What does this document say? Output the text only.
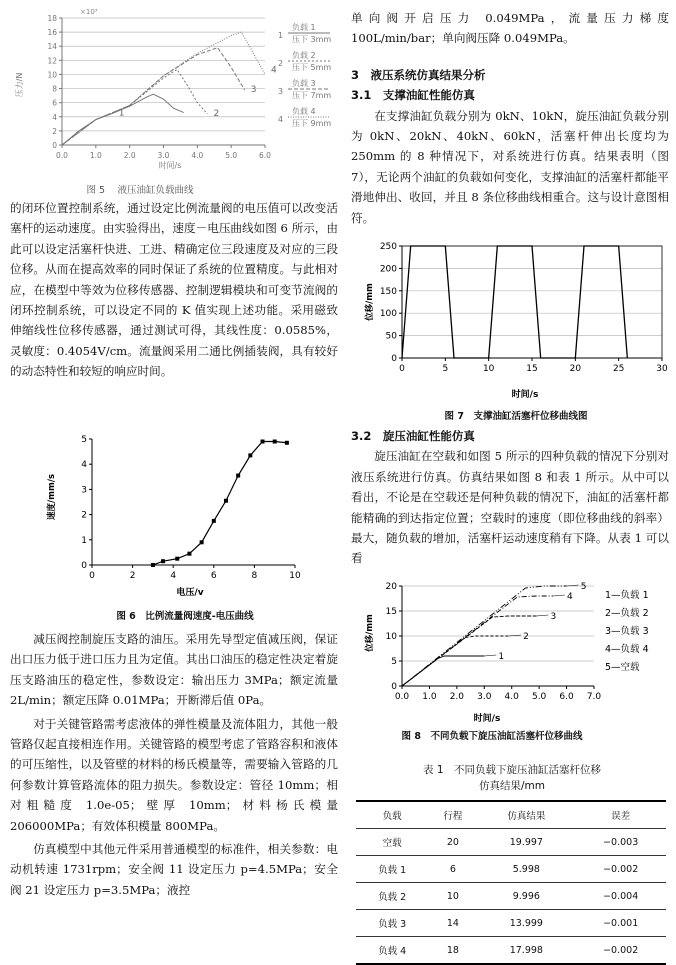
0.0	1.0	2.0	3.0	4.0	5.0	6.0
0
2
4
6
8
10
12
14
16
18
1	2
3
4
×10³
压力/N
时间/s
1
负载 1
压下 3mm
2
负载 2
压下 5mm
3
负载 3
压下 7mm
4
负载 4
压下 9mm
图 5 　液压油缸负载曲线

的闭环位置控制系统，通过设定比例流量阀的电压值可以改变活塞杆的运动速度。由实验得出，速度－电压曲线如图 6 所示，由此可以设定活塞杆快进、工进、精确定位三段速度及对应的三段位移。从而在提高效率的同时保证了系统的位置精度。与此相对应，在模型中等效为位移传感器、控制逻辑模块和可变节流阀的闭环控制系统，可以设定不同的 K 值实现上述功能。采用磁致伸缩线性位移传感器，通过测试可得，其线性度：0.0585%，灵敏度：0.4054V/cm。流量阀采用二通比例插装阀，具有较好的动态特性和较短的响应时间。

0	2	4	6	8	10
0
1
2
3
4
5
速度/mm/s
电压/v
图 6　比例流量阀速度-电压曲线

减压阀控制旋压支路的油压。采用先导型定值减压阀，保证出口压力低于进口压力且为定值。其出口油压的稳定性决定着旋压支路油压的稳定性，参数设定：输出压力 3MPa；额定流量 2L/min；额定压降 0.01MPa；开断滞后值 0Pa。

对于关键管路需考虑液体的弹性模量及流体阻力，其他一般管路仅起直接相连作用。关键管路的模型考虑了管路容积和液体的可压缩性，以及管壁的材料的杨氏模量等，需要输入管路的几何参数计算管路流体的阻力损失。参数设定：管径 10mm；相对粗糙度 1.0e-05；壁厚 10mm；材料杨氏模量 206000MPa；有效体积模量 800MPa。

仿真模型中其他元件采用普通模型的标准件，相关参数：电动机转速 1731rpm；安全阀 11 设定压力 p=4.5MPa；安全阀 21 设定压力 p=3.5MPa；液控

单向阀开启压力 0.049MPa，流量压力梯度 100L/min/bar；单向阀压降 0.049MPa。

3　液压系统仿真结果分析

3.1　支撑油缸性能仿真

在支撑油缸负载分别为 0kN、10kN，旋压油缸负载分别为 0kN、20kN、40kN、60kN，活塞杆伸出长度均为 250mm 的 8 种情况下，对系统进行仿真。结果表明（图 7），无论两个油缸的负载如何变化，支撑油缸的活塞杆都能平滑地伸出、收回，并且 8 条位移曲线相重合。这与设计意图相符。

0	5	10	15	20	25	30
0
50
100
150
200
250
位移/mm
时间/s
图 7　支撑油缸活塞杆位移曲线图

3.2　旋压油缸性能仿真

旋压油缸在空载和如图 5 所示的四种负载的情况下分别对液压系统进行仿真。仿真结果如图 8 和表 1 所示。从中可以看出，不论是在空载还是何种负载的情况下，油缸的活塞杆都能精确的到达指定位置；空载时的速度（即位移曲线的斜率）最大，随负载的增加，活塞杆运动速度稍有下降。从表 1 可以看

0.0 1.0 2.0 3.0 4.0 5.0 6.0 7.0
0
5
10
15
20
1
2
3
4
5
1—负载 1
2—负载 2
3—负载 3
4—负载 4
5—空载
位移/mm
时间/s
图 8　不同负载下旋压油缸活塞杆位移曲线
表 1　不同负载下旋压油缸活塞杆位移
仿真结果/mm
负载	行程	仿真结果	误差
空载	20	19.997	−0.003
负载 1	6	5.998	−0.002
负载 2	10	9.996	−0.004
负载 3	14	13.999	−0.001
负载 4	18	17.998	−0.002
